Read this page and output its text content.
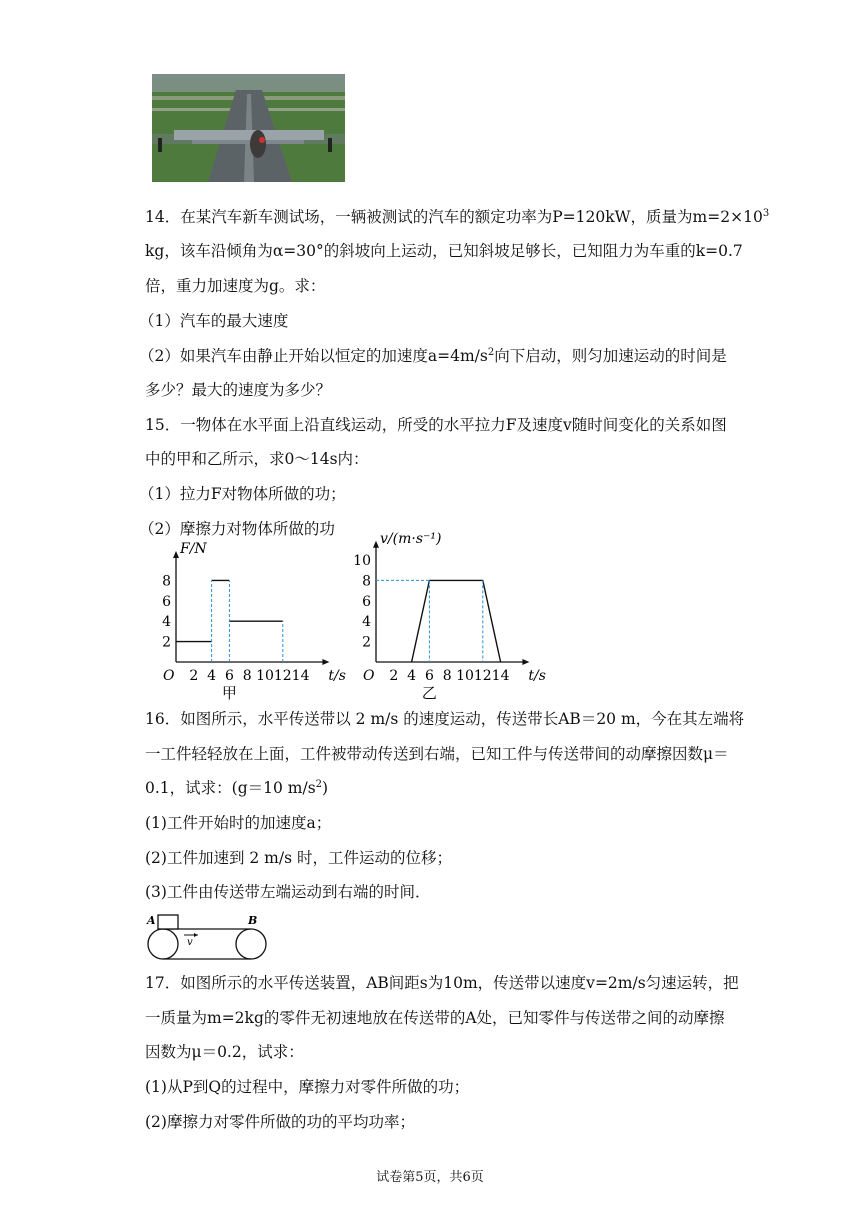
14．在某汽车新车测试场，一辆被测试的汽车的额定功率为P=120kW，质量为$m=2\times 10^3$
kg，该车沿倾角为α=30°的斜坡向上运动，已知斜坡足够长，已知阻力为车重的k=0.7
倍，重力加速度为g。求：
（1）汽车的最大速度
（2）如果汽车由静止开始以恒定的加速度$a=4m/s^2$向下启动，则匀加速运动的时间是
多少？最大的速度为多少？
15．一物体在水平面上沿直线运动，所受的水平拉力F及速度v随时间变化的关系如图
中的甲和乙所示，求0～14s内：
（1）拉力F对物体所做的功；
（2）摩擦力对物体所做的功
O 2 4 6 8 10 12 14
2
4
6
8
t/s
F/N
甲
O 2 4 6 8 10 12 14
2
4
6
8
10
t/s
v/(m·s⁻¹)
乙
16．如图所示，水平传送带以 2 m/s 的速度运动，传送带长AB＝20 m，今在其左端将
一工件轻轻放在上面，工件被带动传送到右端，已知工件与传送带间的动摩擦因数μ＝
0.1，试求：(g＝10 $m/s^2$)
(1)工件开始时的加速度a；
(2)工件加速到 2 m/s 时，工件运动的位移；
(3)工件由传送带左端运动到右端的时间．
A	B
v
17．如图所示的水平传送装置，AB间距s为10m，传送带以速度v=2m/s匀速运转，把
一质量为m=2kg的零件无初速地放在传送带的A处，已知零件与传送带之间的动摩擦
因数为μ＝0.2，试求：
(1)从P到Q的过程中，摩擦力对零件所做的功；
(2)摩擦力对零件所做的功的平均功率；
试卷第5页，共6页
